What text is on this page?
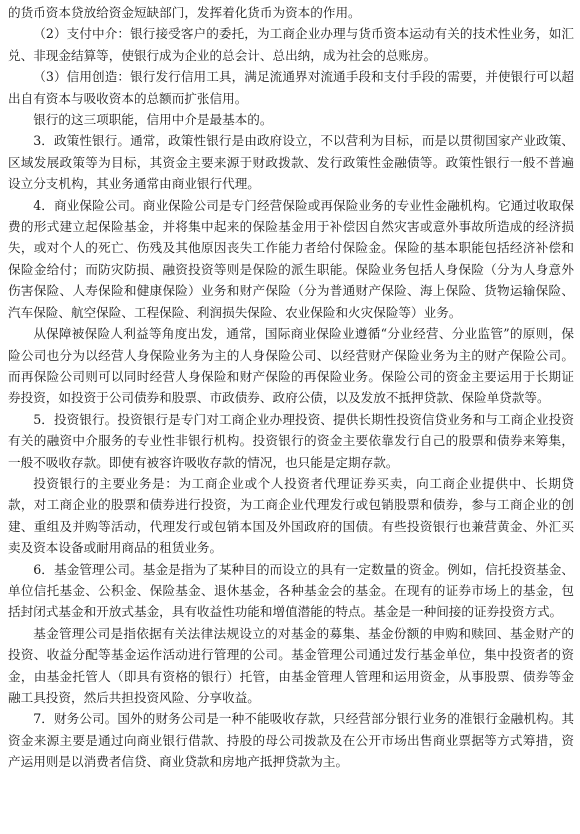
的货币资本贷放给资金短缺部门，发挥着化货币为资本的作用。

（2）支付中介：银行接受客户的委托，为工商企业办理与货币资本运动有关的技术性业务，如汇兑、非现金结算等，使银行成为企业的总会计、总出纳，成为社会的总账房。

（3）信用创造：银行发行信用工具，满足流通界对流通手段和支付手段的需要，并使银行可以超出自有资本与吸收资本的总额而扩张信用。

银行的这三项职能，信用中介是最基本的。

3．政策性银行。通常，政策性银行是由政府设立，不以营利为目标，而是以贯彻国家产业政策、区域发展政策等为目标，其资金主要来源于财政拨款、发行政策性金融债等。政策性银行一般不普遍设立分支机构，其业务通常由商业银行代理。

4．商业保险公司。商业保险公司是专门经营保险或再保险业务的专业性金融机构。它通过收取保费的形式建立起保险基金，并将集中起来的保险基金用于补偿因自然灾害或意外事故所造成的经济损失，或对个人的死亡、伤残及其他原因丧失工作能力者给付保险金。保险的基本职能包括经济补偿和保险金给付；而防灾防损、融资投资等则是保险的派生职能。保险业务包括人身保险（分为人身意外伤害保险、人寿保险和健康保险）业务和财产保险（分为普通财产保险、海上保险、货物运输保险、汽车保险、航空保险、工程保险、利润损失保险、农业保险和火灾保险等）业务。

从保障被保险人利益等角度出发，通常，国际商业保险业遵循“分业经营、分业监管”的原则，保险公司也分为以经营人身保险业务为主的人身保险公司、以经营财产保险业务为主的财产保险公司。而再保险公司则可以同时经营人身保险和财产保险的再保险业务。保险公司的资金主要运用于长期证券投资，如投资于公司债券和股票、市政债券、政府公债，以及发放不抵押贷款、保险单贷款等。

5．投资银行。投资银行是专门对工商企业办理投资、提供长期性投资信贷业务和与工商企业投资有关的融资中介服务的专业性非银行机构。投资银行的资金主要依靠发行自己的股票和债券来筹集，一般不吸收存款。即使有被容许吸收存款的情况，也只能是定期存款。

投资银行的主要业务是：为工商企业或个人投资者代理证券买卖，向工商企业提供中、长期贷款，对工商企业的股票和债券进行投资，为工商企业代理发行或包销股票和债券，参与工商企业的创建、重组及并购等活动，代理发行或包销本国及外国政府的国债。有些投资银行也兼营黄金、外汇买卖及资本设备或耐用商品的租赁业务。

6．基金管理公司。基金是指为了某种目的而设立的具有一定数量的资金。例如，信托投资基金、单位信托基金、公积金、保险基金、退休基金，各种基金会的基金。在现有的证券市场上的基金，包括封闭式基金和开放式基金，具有收益性功能和增值潜能的特点。基金是一种间接的证券投资方式。

基金管理公司是指依据有关法律法规设立的对基金的募集、基金份额的申购和赎回、基金财产的投资、收益分配等基金运作活动进行管理的公司。基金管理公司通过发行基金单位，集中投资者的资金，由基金托管人（即具有资格的银行）托管，由基金管理人管理和运用资金，从事股票、债券等金融工具投资，然后共担投资风险、分享收益。

7．财务公司。国外的财务公司是一种不能吸收存款，只经营部分银行业务的准银行金融机构。其资金来源主要是通过向商业银行借款、持股的母公司拨款及在公开市场出售商业票据等方式筹措，资产运用则是以消费者信贷、商业贷款和房地产抵押贷款为主。
